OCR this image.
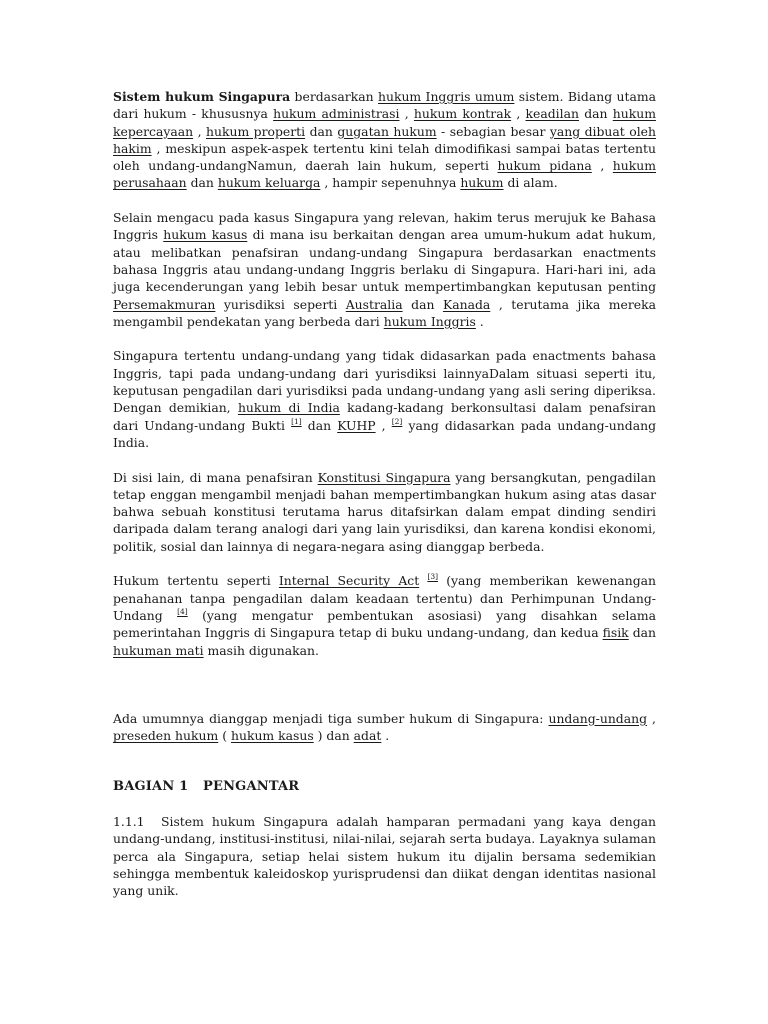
Sistem hukum Singapura berdasarkan hukum Inggris umum sistem. Bidang utama dari hukum - khususnya hukum administrasi , hukum kontrak , keadilan dan hukum kepercayaan , hukum properti dan gugatan hukum - sebagian besar yang dibuat oleh hakim , meskipun aspek-aspek tertentu kini telah dimodifikasi sampai batas tertentu oleh undang-undangNamun, daerah lain hukum, seperti hukum pidana , hukum perusahaan dan hukum keluarga , hampir sepenuhnya hukum di alam.

Selain mengacu pada kasus Singapura yang relevan, hakim terus merujuk ke Bahasa Inggris hukum kasus di mana isu berkaitan dengan area umum-hukum adat hukum, atau melibatkan penafsiran undang-undang Singapura berdasarkan enactments bahasa Inggris atau undang-undang Inggris berlaku di Singapura. Hari-hari ini, ada juga kecenderungan yang lebih besar untuk mempertimbangkan keputusan penting Persemakmuran yurisdiksi seperti Australia dan Kanada , terutama jika mereka mengambil pendekatan yang berbeda dari hukum Inggris .

Singapura tertentu undang-undang yang tidak didasarkan pada enactments bahasa Inggris, tapi pada undang-undang dari yurisdiksi lainnyaDalam situasi seperti itu, keputusan pengadilan dari yurisdiksi pada undang-undang yang asli sering diperiksa. Dengan demikian, hukum di India kadang-kadang berkonsultasi dalam penafsiran dari Undang-undang Bukti [1] dan KUHP , [2] yang didasarkan pada undang-undang India.

Di sisi lain, di mana penafsiran Konstitusi Singapura yang bersangkutan, pengadilan tetap enggan mengambil menjadi bahan mempertimbangkan hukum asing atas dasar bahwa sebuah konstitusi terutama harus ditafsirkan dalam empat dinding sendiri daripada dalam terang analogi dari yang lain yurisdiksi, dan karena kondisi ekonomi, politik, sosial dan lainnya di negara-negara asing dianggap berbeda.

Hukum tertentu seperti Internal Security Act [3] (yang memberikan kewenangan penahanan tanpa pengadilan dalam keadaan tertentu) dan Perhimpunan Undang-Undang [4] (yang mengatur pembentukan asosiasi) yang disahkan selama pemerintahan Inggris di Singapura tetap di buku undang-undang, dan kedua fisik dan hukuman mati masih digunakan.

Ada umumnya dianggap menjadi tiga sumber hukum di Singapura: undang-undang , preseden hukum ( hukum kasus ) dan adat .

BAGIAN 1 PENGANTAR

1.1.1 Sistem hukum Singapura adalah hamparan permadani yang kaya dengan undang-undang, institusi-institusi, nilai-nilai, sejarah serta budaya. Layaknya sulaman perca ala Singapura, setiap helai sistem hukum itu dijalin bersama sedemikian sehingga membentuk kaleidoskop yurisprudensi dan diikat dengan identitas nasional yang unik.
